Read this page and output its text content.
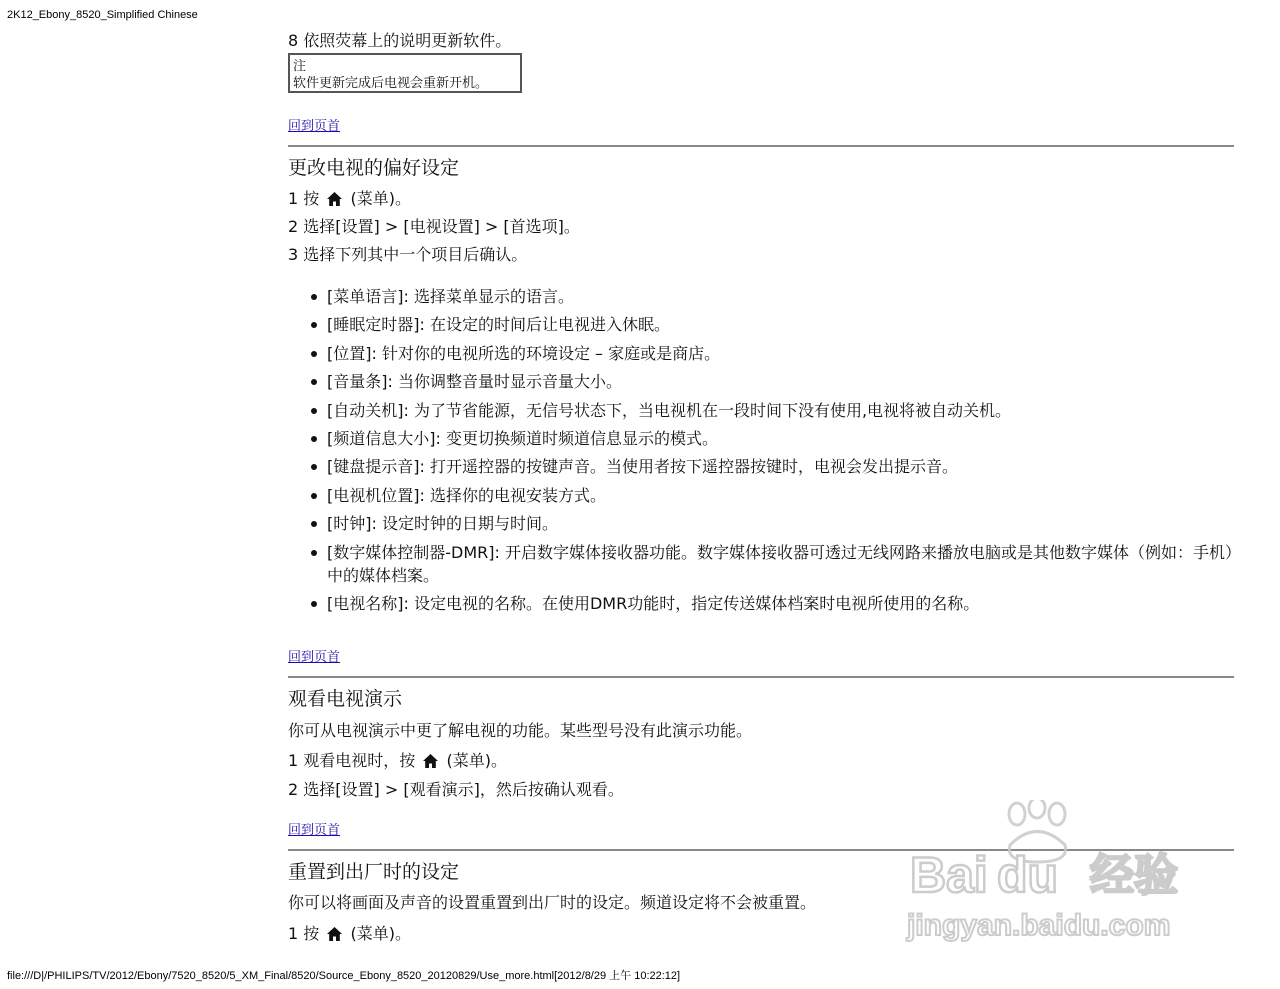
2K12_Ebony_8520_Simplified Chinese
8 依照荧幕上的说明更新软件。
注
软件更新完成后电视会重新开机。
回到页首
更改电视的偏好设定
1 按 (菜单)。
2 选择[设置] > [电视设置] > [首选项]。
3 选择下列其中一个项目后确认。
[菜单语言]: 选择菜单显示的语言。
[睡眠定时器]: 在设定的时间后让电视进入休眠。
[位置]: 针对你的电视所选的环境设定 – 家庭或是商店。
[音量条]: 当你调整音量时显示音量大小。
[自动关机]: 为了节省能源，无信号状态下，当电视机在一段时间下没有使用,电视将被自动关机。
[频道信息大小]: 变更切换频道时频道信息显示的模式。
[键盘提示音]: 打开遥控器的按键声音。当使用者按下遥控器按键时，电视会发出提示音。
[电视机位置]: 选择你的电视安装方式。
[时钟]: 设定时钟的日期与时间。
[数字媒体控制器-DMR]: 开启数字媒体接收器功能。数字媒体接收器可透过无线网路来播放电脑或是其他数字媒体（例如：手机）中的媒体档案。
[电视名称]: 设定电视的名称。在使用DMR功能时，指定传送媒体档案时电视所使用的名称。
回到页首
观看电视演示
你可从电视演示中更了解电视的功能。某些型号没有此演示功能。
1 观看电视时，按 (菜单)。
2 选择[设置] > [观看演示]，然后按确认观看。
回到页首
重置到出厂时的设定
你可以将画面及声音的设置重置到出厂时的设定。频道设定将不会被重置。
1 按 (菜单)。
Bai du 经验
jingyan.baidu.com
file:///D|/PHILIPS/TV/2012/Ebony/7520_8520/5_XM_Final/8520/Source_Ebony_8520_20120829/Use_more.html[2012/8/29 上午 10:22:12]
